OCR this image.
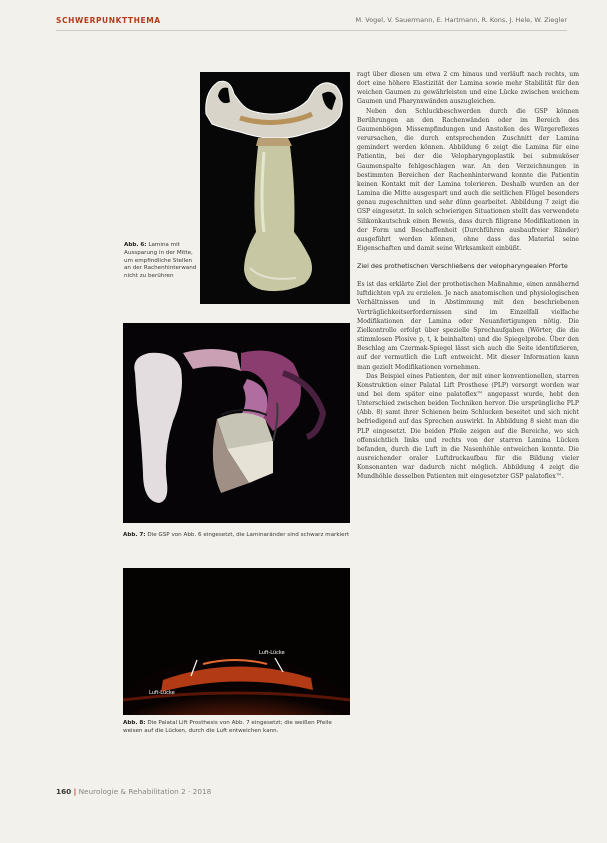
SCHWERPUNKTTHEMA	M. Vogel, V. Sauermann, E. Hartmann, R. Kons, J. Hele, W. Ziegler
Abb. 6: Lamina mit Aussparung in der Mitte, um empfindliche Stellen an der Rachenhinterwand nicht zu berühren
Abb. 7: Die GSP von Abb. 6 eingesetzt, die Laminaränder sind schwarz markiert
Luft-Lücke
Luft-Lücke
Abb. 8: Die Palatal Lift Prosthesis von Abb. 7 eingesetzt; die weißen Pfeile weisen auf die Lücken, durch die Luft entweichen kann.

ragt über diesen um etwa 2 cm hinaus und verläuft nach rechts, um dort eine höhere Elastizität der Lamina sowie mehr Stabilität für den weichen Gaumen zu gewährleisten und eine Lücke zwischen weichem Gaumen und Pharynxwänden auszugleichen.

Neben den Schluckbeschwerden durch die GSP können Berührungen an den Rachenwänden oder im Bereich des Gaumenbögen Missempfindungen und Anstoßen des Würgereflexes verursachen, die durch entsprechenden Zuschnitt der Lamina gemindert werden können. Abbildung 6 zeigt die Lamina für eine Patientin, bei der die Velopharyngoplastik bei submuköser Gaumenspalte fehlgeschlagen war. An den Verzeichnungen in bestimmten Bereichen der Rachenhinterwand konnte die Patientin keinen Kontakt mit der Lamina tolerieren. Deshalb wurden an der Lamina die Mitte ausgespart und auch die seitlichen Flügel besonders genau zugeschnitten und sehr dünn gearbeitet. Abbildung 7 zeigt die GSP eingesetzt. In solch schwierigen Situationen stellt das verwendete Silikonkautschuk einen Beweis, dass durch filigrane Modifikationen in der Form und Beschaffenheit (Durchführen ausbaufreier Ränder) ausgeführt werden können, ohne dass das Material seine Eigenschaften und damit seine Wirksamkeit einbüßt.

Ziel des prothetischen Verschließens der velopharyngealen Pforte

Es ist das erklärte Ziel der prothetischen Maßnahme, einen annähernd luftdichten vpA zu erzielen. Je nach anatomischen und physiologischen Verhältnissen und in Abstimmung mit den beschriebenen Verträglichkeitserfordernissen sind im Einzelfall vielfache Modifikationen der Lamina oder Neuanfertigungen nötig. Die Zielkontrolle erfolgt über spezielle Sprechaufgaben (Wörter, die die stimmlosen Plosive p, t, k beinhalten) und die Spiegelprobe. Über den Beschlag am Czermak-Spiegel lässt sich auch die Seite identifizieren, auf der vermutlich die Luft entweicht. Mit dieser Information kann man gezielt Modifikationen vornehmen.

Das Beispiel eines Patienten, der mit einer konventionellen, starren Konstruktion einer Palatal Lift Prosthese (PLP) versorgt worden war und bei dem später eine palatoflex™ angepasst wurde, hebt den Unterschied zwischen beiden Techniken hervor. Die ursprüngliche PLP (Abb. 8) samt ihrer Schienen beim Schlucken beseitet und sich nicht befriedigend auf das Sprechen auswirkt. In Abbildung 8 sieht man die PLP eingesetzt. Die beiden Pfeile zeigen auf die Bereiche, wo sich offensichtlich links und rechts von der starren Lamina Lücken befanden, durch die Luft in die Nasenhöhle entweichen konnte. Die ausreichender oraler Luftdruckaufbau für die Bildung vieler Konsonanten war dadurch nicht möglich. Abbildung 4 zeigt die Mundhöhle desselben Patienten mit eingesetzter GSP palatoflex™.

160 | Neurologie & Rehabilitation 2 · 2018
